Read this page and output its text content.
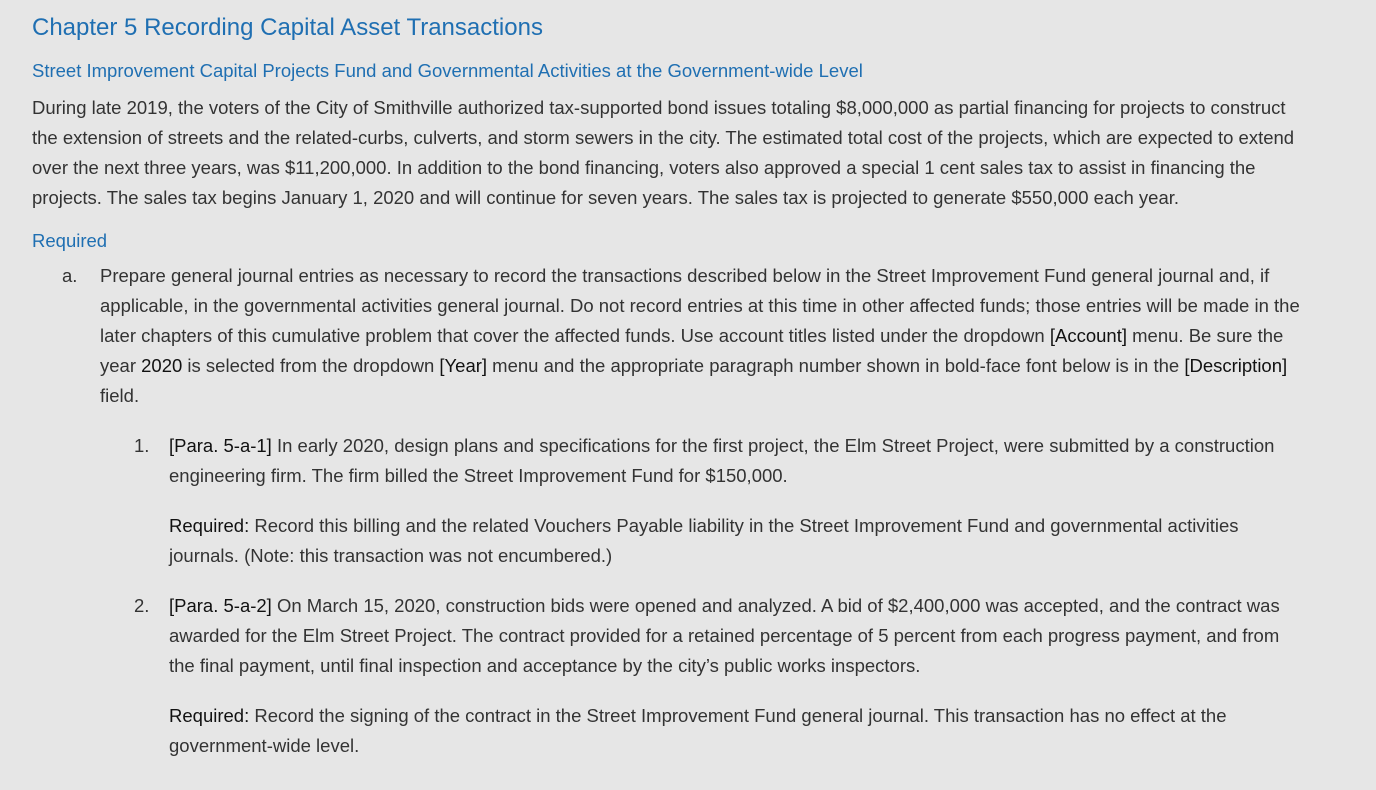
Chapter 5 Recording Capital Asset Transactions
Street Improvement Capital Projects Fund and Governmental Activities at the Government-wide Level

During late 2019, the voters of the City of Smithville authorized tax-supported bond issues totaling $8,000,000 as partial financing for projects to construct the extension of streets and the related-curbs, culverts, and storm sewers in the city. The estimated total cost of the projects, which are expected to extend over the next three years, was $11,200,000. In addition to the bond financing, voters also approved a special 1 cent sales tax to assist in financing the projects. The sales tax begins January 1, 2020 and will continue for seven years. The sales tax is projected to generate $550,000 each year.

Required
a.	Prepare general journal entries as necessary to record the transactions described below in the Street Improvement Fund general journal and, if applicable, in the governmental activities general journal. Do not record entries at this time in other affected funds; those entries will be made in the later chapters of this cumulative problem that cover the affected funds. Use account titles listed under the dropdown [Account] menu. Be sure the year 2020 is selected from the dropdown [Year] menu and the appropriate paragraph number shown in bold-face font below is in the [Description] field.
1.	[Para. 5-a-1] In early 2020, design plans and specifications for the first project, the Elm Street Project, were submitted by a construction engineering firm. The firm billed the Street Improvement Fund for $150,000.

Required: Record this billing and the related Vouchers Payable liability in the Street Improvement Fund and governmental activities journals. (Note: this transaction was not encumbered.)

2.	[Para. 5-a-2] On March 15, 2020, construction bids were opened and analyzed. A bid of $2,400,000 was accepted, and the contract was awarded for the Elm Street Project. The contract provided for a retained percentage of 5 percent from each progress payment, and from the final payment, until final inspection and acceptance by the city’s public works inspectors.

Required: Record the signing of the contract in the Street Improvement Fund general journal. This transaction has no effect at the government-wide level.
